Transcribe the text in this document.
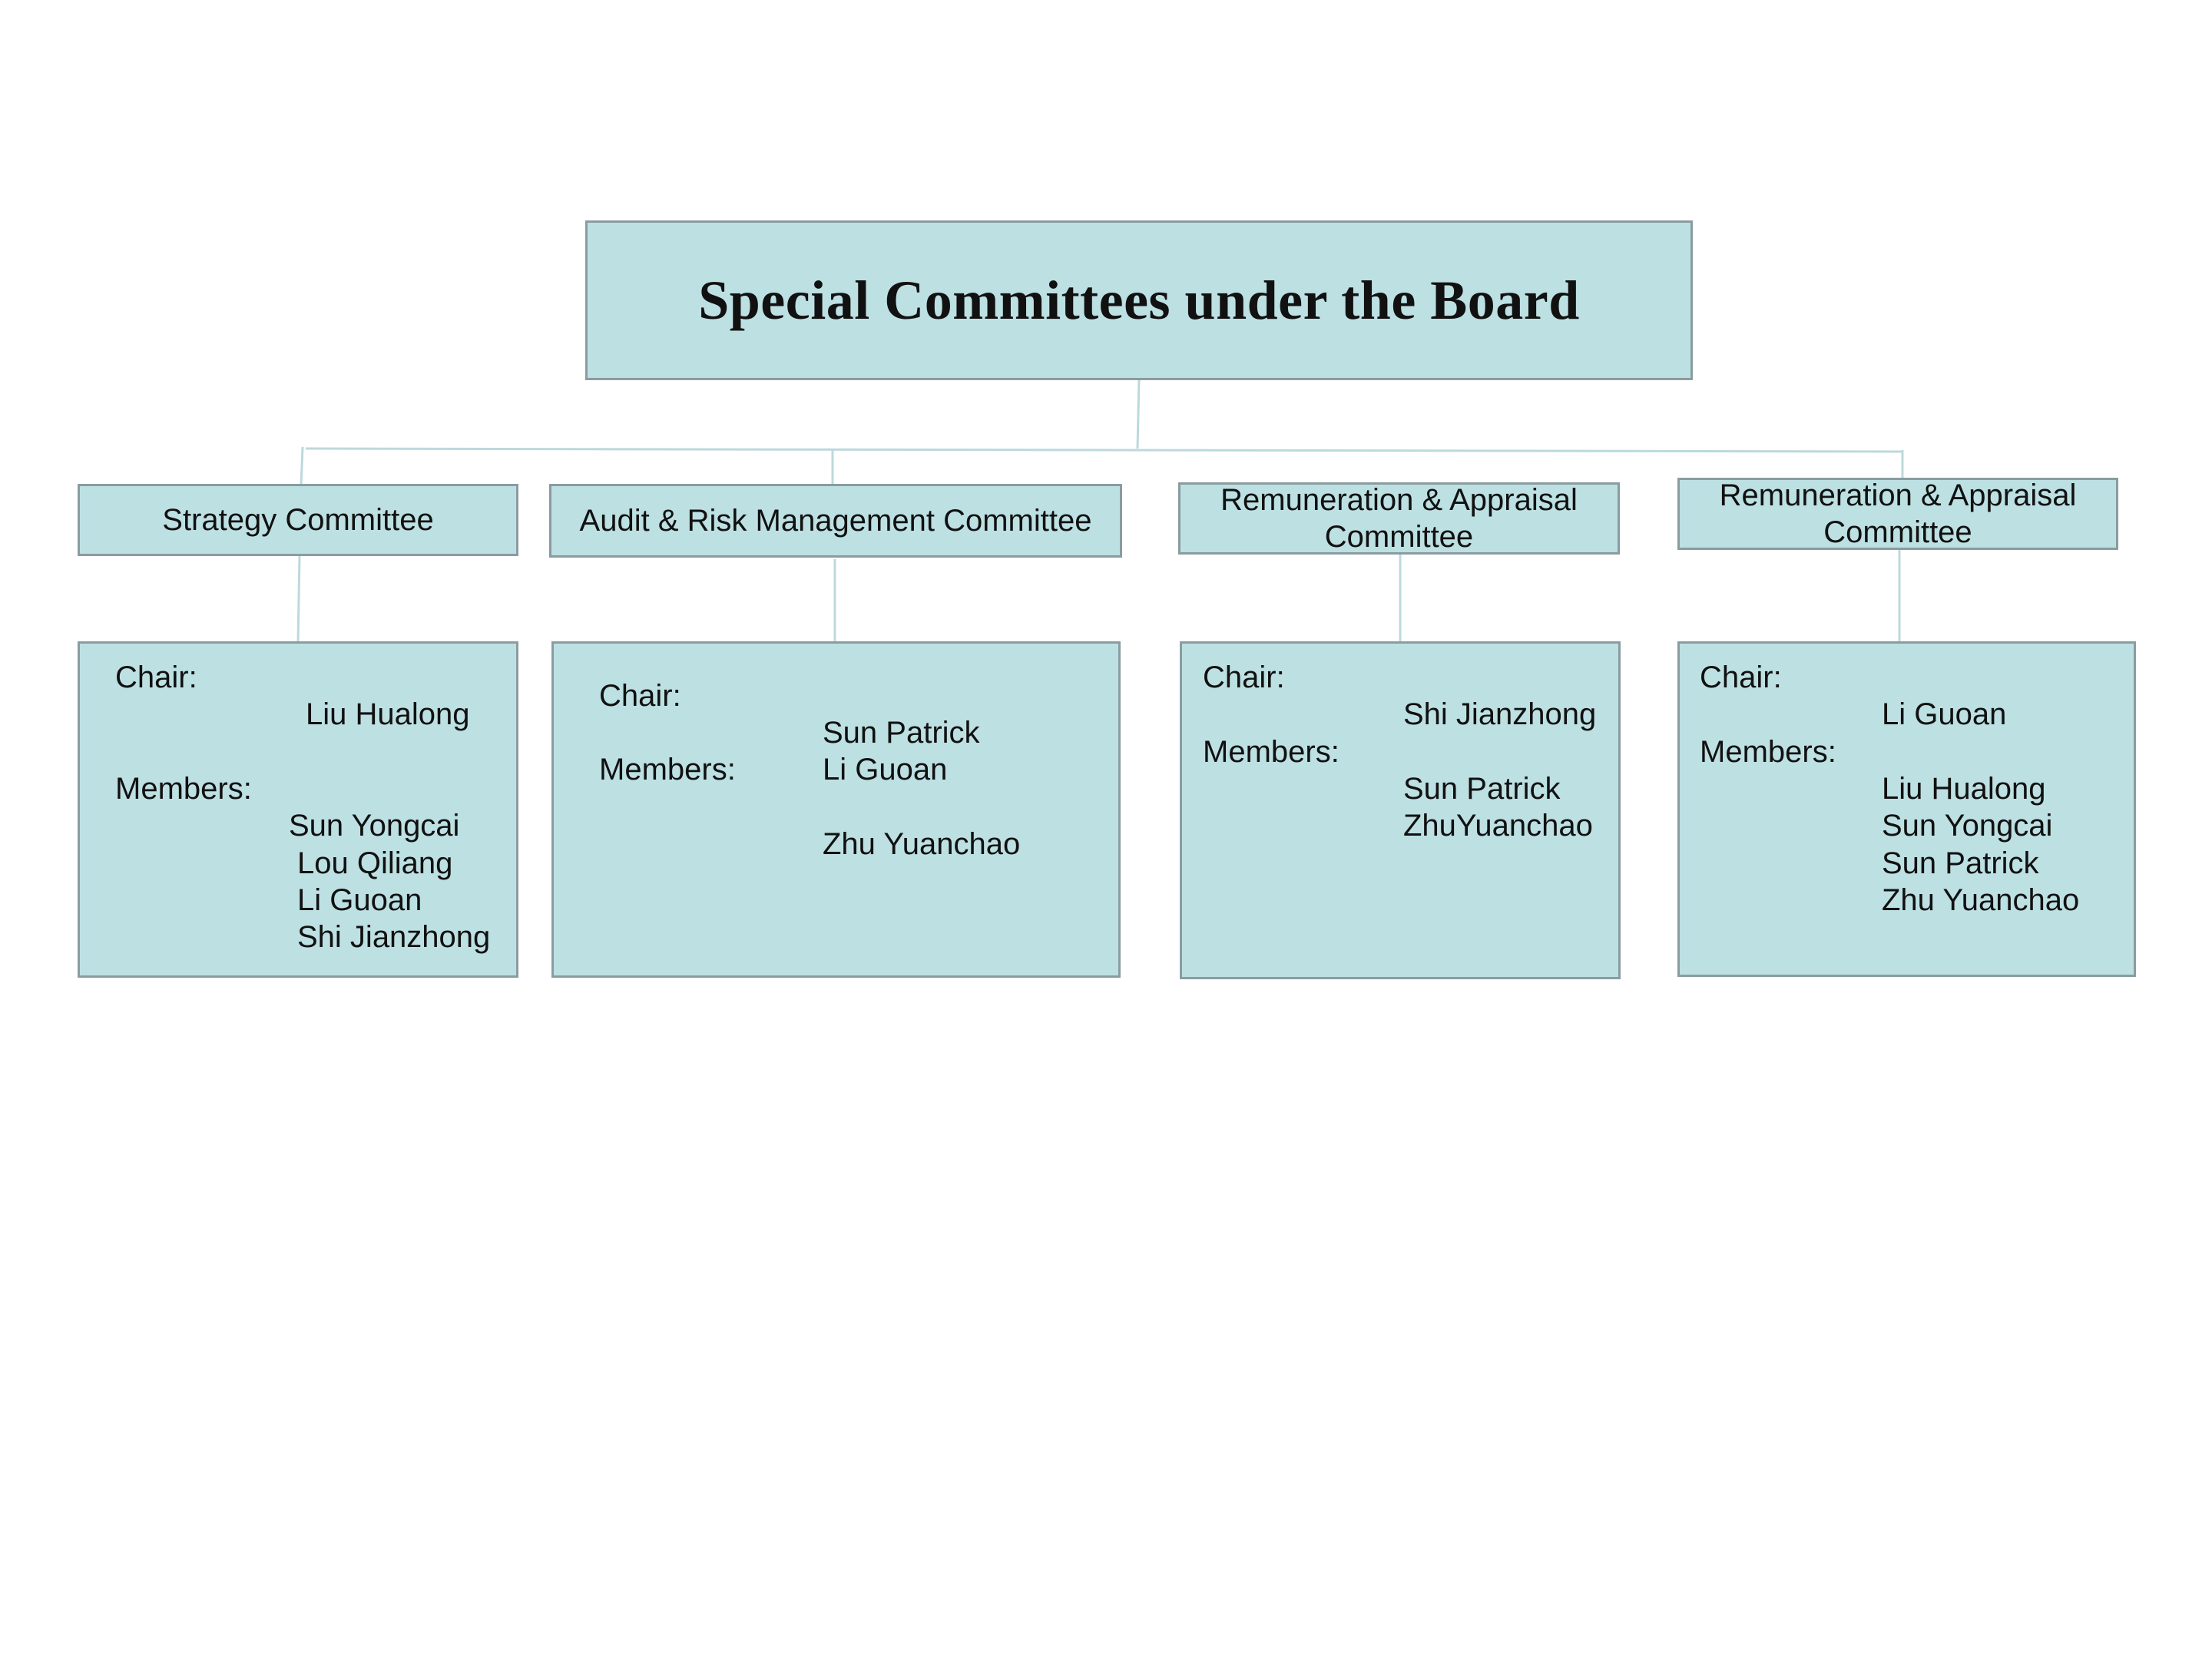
Special Committees under the Board
Strategy Committee	Audit & Risk Management Committee
Remuneration & Appraisal Committee
Remuneration & Appraisal Committee
Chair:
Liu Hualong
Members:
Sun Yongcai
Lou Qiliang
Li Guoan
Shi Jianzhong
Chair:
Sun Patrick
Members:	Li Guoan
Zhu Yuanchao
Chair:
Shi Jianzhong
Members:
Sun Patrick
ZhuYuanchao
Chair:
Li Guoan
Members:
Liu Hualong
Sun Yongcai
Sun Patrick
Zhu Yuanchao
